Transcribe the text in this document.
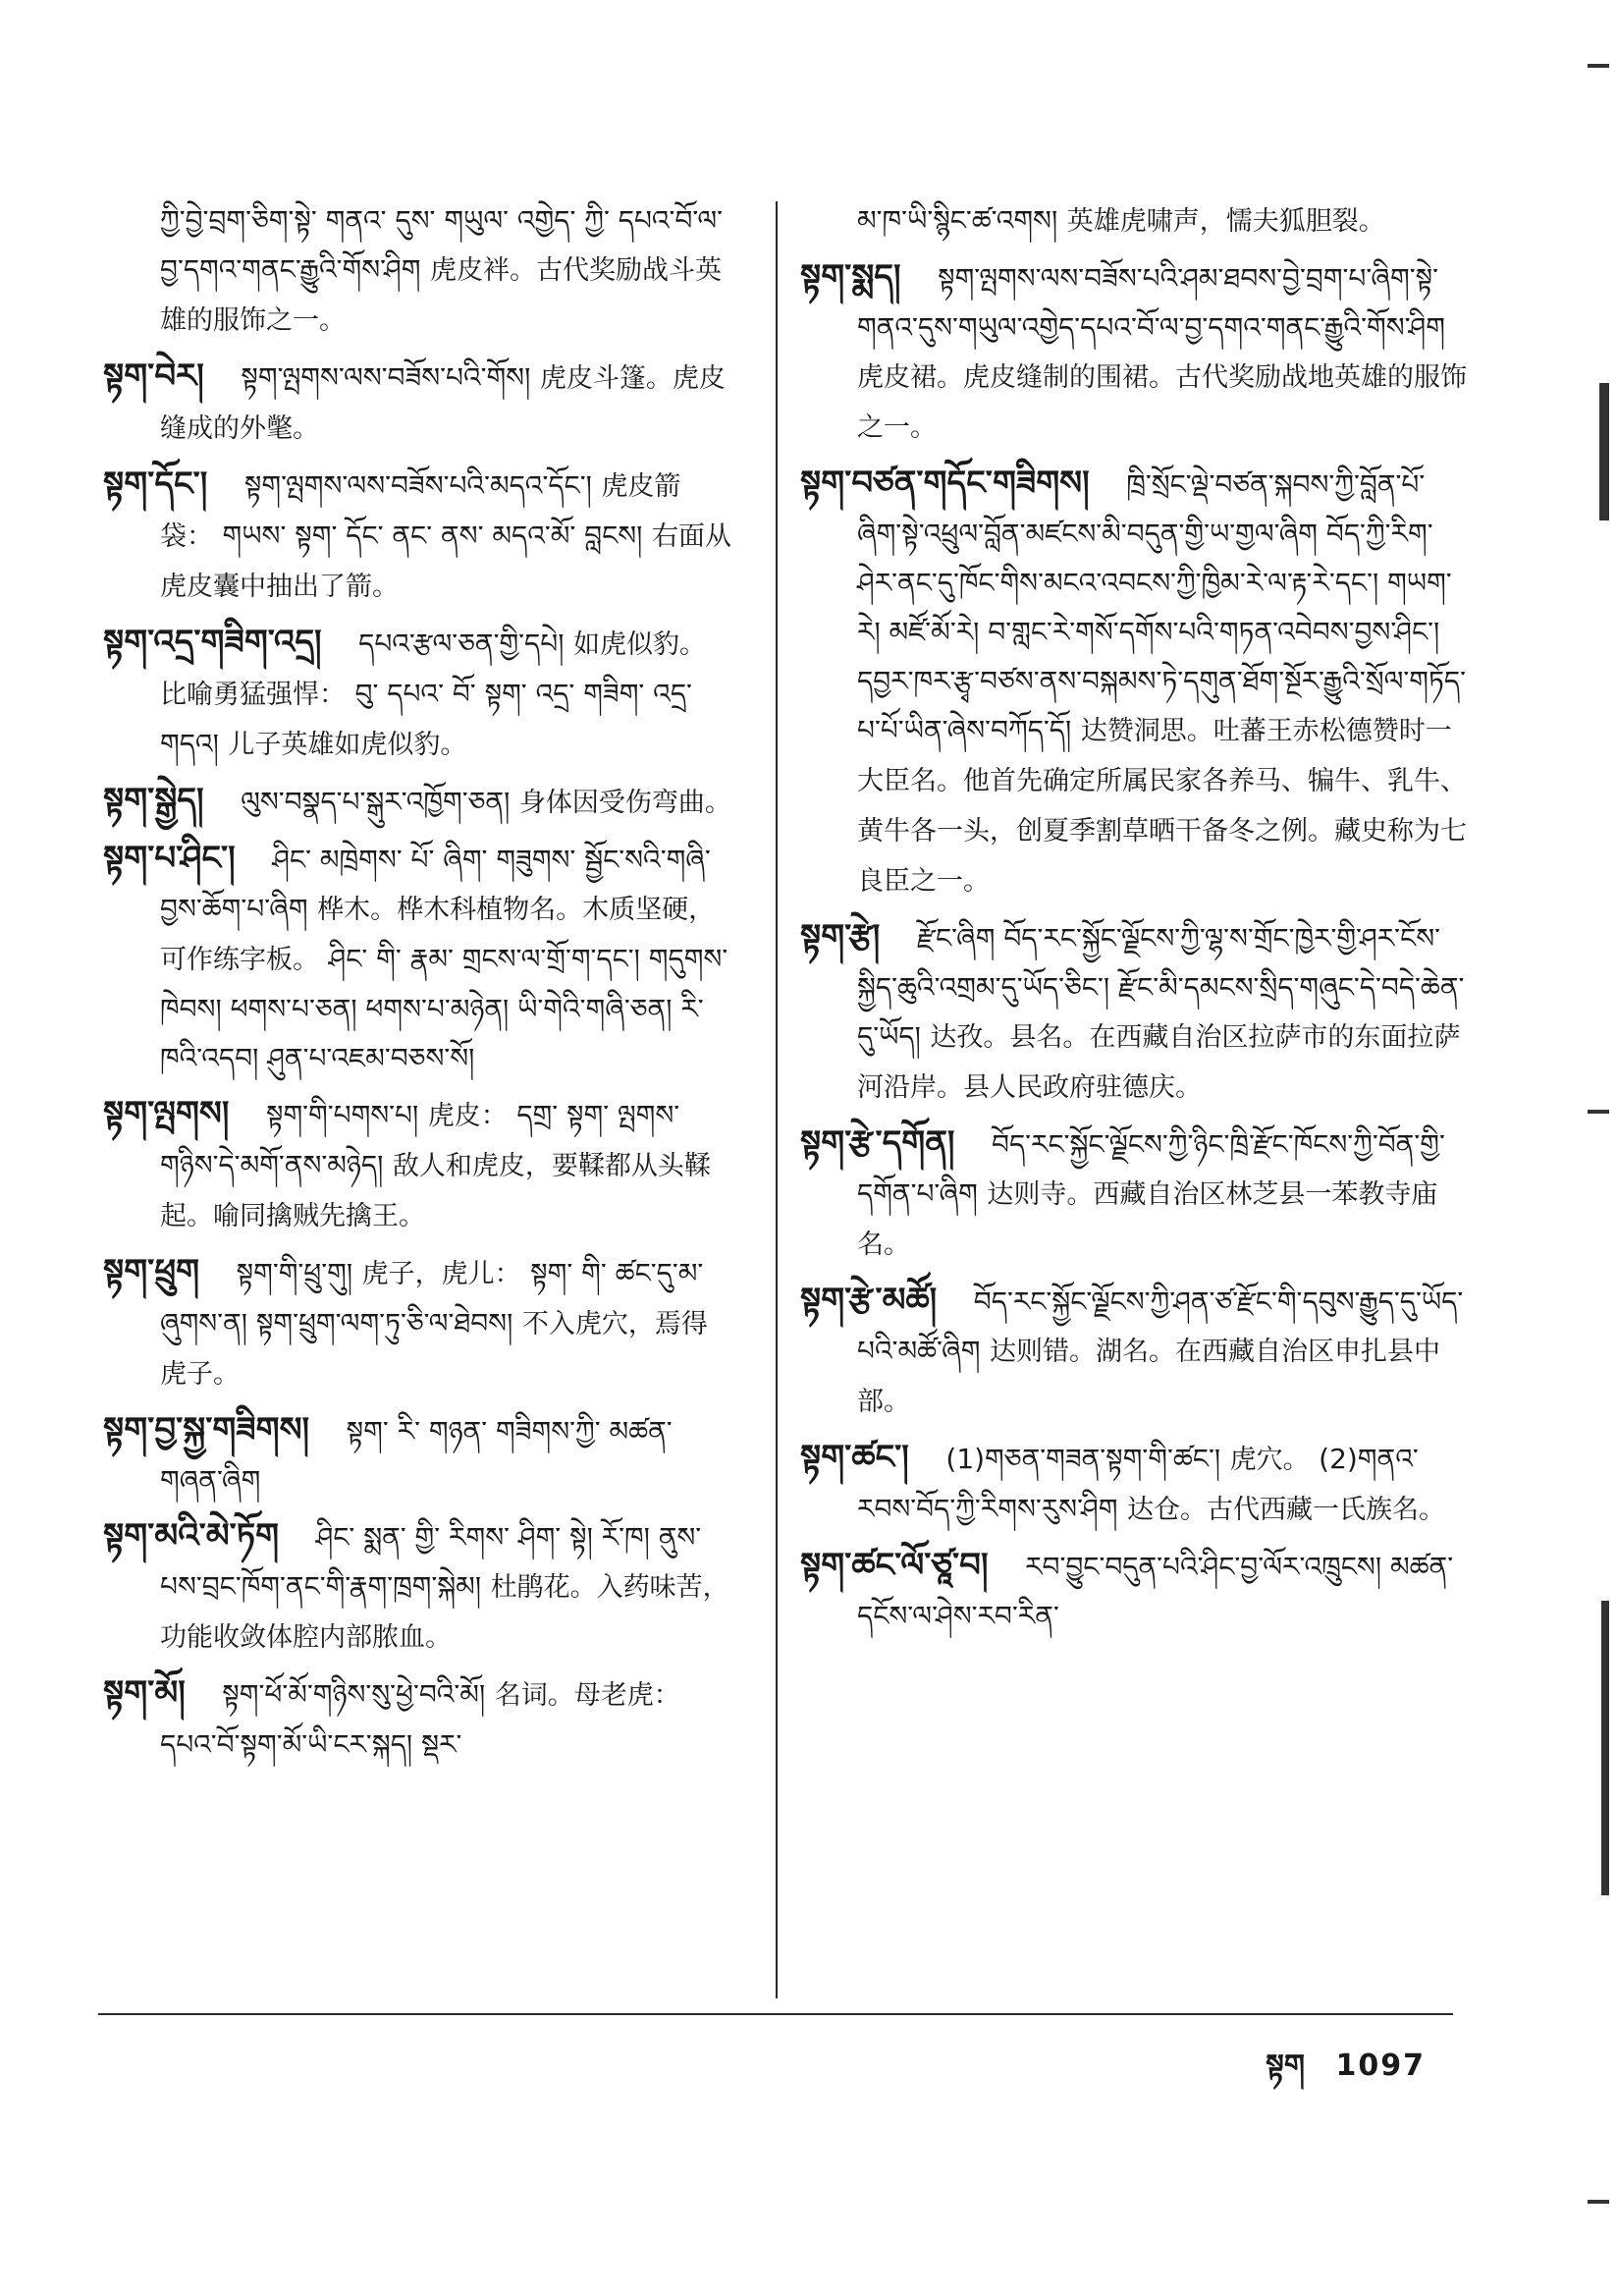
ཀྱི་བྱེ་བྲག་ཅིག་སྟེ་ གནའ་ དུས་ གཡུལ་ འགྱེད་ ཀྱི་ དཔའ་བོ་ལ་བྱ་དགའ་གནང་རྒྱུའི་གོས་ཤིག 虎皮袢。古代奖励战斗英雄的服饰之一。
སྟག་བེར། སྟག་ལྤགས་ལས་བཟོས་པའི་གོས། 虎皮斗篷。虎皮缝成的外氅。
སྟག་དོང་། སྟག་ལྤགས་ལས་བཟོས་པའི་མདའ་དོང་། 虎皮箭袋： གཡས་ སྟག་ དོང་ ནང་ ནས་ མདའ་མོ་ བླངས། 右面从虎皮囊中抽出了箭。
སྟག་འདྲ་གཟིག་འདྲ། དཔའ་རྩལ་ཅན་གྱི་དཔེ། 如虎似豹。比喻勇猛强悍： བུ་ དཔའ་ བོ་ སྟག་ འདྲ་ གཟིག་ འདྲ་ གདའ། 儿子英雄如虎似豹。
སྟག་སྒྱེད། ལུས་བསྣད་པ་སྒུར་འཁྱོག་ཅན། 身体因受伤弯曲。
སྟག་པ་ཤིང་། ཤིང་ མཁྲེགས་ པོ་ ཞིག་ གཟུགས་ སྦྱོང་སའི་གཞི་བྱས་ཆོག་པ་ཞིག 桦木。桦木科植物名。木质坚硬，可作练字板。 ཤིང་ གི་ རྣམ་ གྲངས་ལ་གྲོ་ག་དང་། གདུགས་ཁེབས། ཕགས་པ་ཅན། ཕགས་པ་མཉེན། ཡི་གེའི་གཞི་ཅན། རི་ཁའི་འདབ། ཤུན་པ་འཇམ་བཅས་སོ།
སྟག་ལྤགས། སྟག་གི་པགས་པ། 虎皮： དགྲ་ སྟག་ ལྤགས་གཉིས་དེ་མགོ་ནས་མཉེད། 敌人和虎皮，要鞣都从头鞣起。喻同擒贼先擒王。
སྟག་ཕྲུག སྟག་གི་ཕྲུ་གུ། 虎子，虎儿： སྟག་ གི་ ཚང་དུ་མ་ཞུགས་ན། སྟག་ཕྲུག་ལག་ཏུ་ཅི་ལ་ཐེབས། 不入虎穴，焉得虎子。
སྟག་བྱ་སྐྱ་གཟིགས། སྟག་ རི་ གཉན་ གཟིགས་ཀྱི་ མཚན་གཞན་ཞིག
སྟག་མའི་མེ་ཏོག ཤིང་ སྨན་ གྱི་ རིགས་ ཤིག་ སྟེ། རོ་ཁ། ནུས་པས་བྲང་ཁོག་ནང་གི་རྣག་ཁྲག་སྐེམ། 杜鹃花。入药味苦，功能收敛体腔内部脓血。
སྟག་མོ། སྟག་ཕོ་མོ་གཉིས་སུ་ཕྱེ་བའི་མོ། 名词。母老虎： དཔའ་བོ་སྟག་མོ་ཡི་ངར་སྐད། སྡར་
མ་ཁ་ཡི་སྙིང་ཚ་འགས། 英雄虎啸声，懦夫狐胆裂。
སྟག་སྨད། སྟག་ལྤགས་ལས་བཟོས་པའི་ཤམ་ཐབས་བྱེ་བྲག་པ་ཞིག་སྟེ་གནའ་དུས་གཡུལ་འགྱེད་དཔའ་བོ་ལ་བྱ་དགའ་གནང་རྒྱུའི་གོས་ཤིག 虎皮裙。虎皮缝制的围裙。古代奖励战地英雄的服饰之一。
སྟག་བཙན་གདོང་གཟིགས། ཁྲི་སྲོང་ལྡེ་བཙན་སྐབས་ཀྱི་བློན་པོ་ཞིག་སྟེ་འཕྲུལ་བློན་མཛངས་མི་བདུན་གྱི་ཡ་གྱལ་ཞིག བོད་ཀྱི་རིག་ཤེར་ནང་དུ་ཁོང་གིས་མངའ་འབངས་ཀྱི་ཁྱིམ་རེ་ལ་རྟ་རེ་དང་། གཡག་རེ། མཛོ་མོ་རེ། བ་གླང་རེ་གསོ་དགོས་པའི་གཏན་འབེབས་བྱས་ཤིང་། དབྱར་ཁར་རྩྭ་བཙས་ནས་བསྐམས་ཏེ་དགུན་ཐོག་སྔོར་རྒྱུའི་སྲོལ་གཏོད་པ་པོ་ཡིན་ཞེས་བཀོད་དོ། 达赞洞思。吐蕃王赤松德赞时一大臣名。他首先确定所属民家各养马、犏牛、乳牛、黄牛各一头，创夏季割草晒干备冬之例。藏史称为七良臣之一。
སྟག་རྩེ། རྫོང་ཞིག བོད་རང་སྐྱོང་ལྗོངས་ཀྱི་ལྷ་ས་གྲོང་ཁྱེར་གྱི་ཤར་ངོས་སྐྱིད་ཆུའི་འགྲམ་དུ་ཡོད་ཅིང་། རྫོང་མི་དམངས་སྲིད་གཞུང་དེ་བདེ་ཆེན་དུ་ཡོད། 达孜。县名。在西藏自治区拉萨市的东面拉萨河沿岸。县人民政府驻德庆。
སྟག་རྩེ་དགོན། བོད་རང་སྐྱོང་ལྗོངས་ཀྱི་ཉིང་ཁྲི་རྫོང་ཁོངས་ཀྱི་བོན་གྱི་དགོན་པ་ཞིག 达则寺。西藏自治区林芝县一苯教寺庙名。
སྟག་རྩེ་མཚོ། བོད་རང་སྐྱོང་ལྗོངས་ཀྱི་ཤན་ཙ་རྫོང་གི་དབུས་རྒྱུད་དུ་ཡོད་པའི་མཚོ་ཞིག 达则错。湖名。在西藏自治区申扎县中部。
སྟག་ཚང་། (1)གཅན་གཟན་སྟག་གི་ཚང་། 虎穴。 (2)གནའ་རབས་བོད་ཀྱི་རིགས་རུས་ཤིག 达仓。古代西藏一氏族名。
སྟག་ཚང་ལོ་ཙཱ་བ། རབ་བྱུང་བདུན་པའི་ཤིང་བྱ་ལོར་འཁྲུངས། མཚན་དངོས་ལ་ཤེས་རབ་རིན་
སྟག 1097
